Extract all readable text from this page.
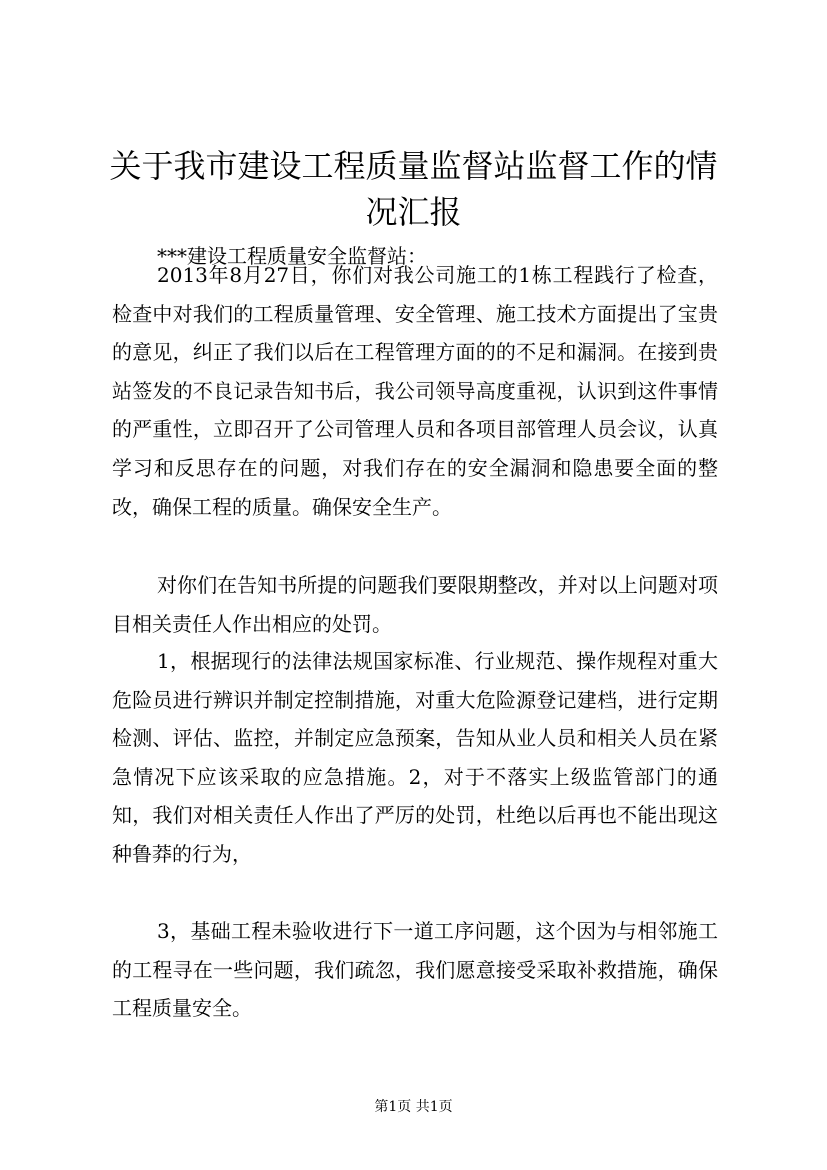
关于我市建设工程质量监督站监督工作的情况汇报

***建设工程质量安全监督站：

2013年8月27日，你们对我公司施工的1栋工程践行了检查，检查中对我们的工程质量管理、安全管理、施工技术方面提出了宝贵的意见，纠正了我们以后在工程管理方面的的不足和漏洞。在接到贵站签发的不良记录告知书后，我公司领导高度重视，认识到这件事情的严重性，立即召开了公司管理人员和各项目部管理人员会议，认真学习和反思存在的问题，对我们存在的安全漏洞和隐患要全面的整改，确保工程的质量。确保安全生产。

对你们在告知书所提的问题我们要限期整改，并对以上问题对项目相关责任人作出相应的处罚。

1，根据现行的法律法规国家标准、行业规范、操作规程对重大危险员进行辨识并制定控制措施，对重大危险源登记建档，进行定期检测、评估、监控，并制定应急预案，告知从业人员和相关人员在紧急情况下应该采取的应急措施。2，对于不落实上级监管部门的通知，我们对相关责任人作出了严厉的处罚，杜绝以后再也不能出现这种鲁莽的行为，

3，基础工程未验收进行下一道工序问题，这个因为与相邻施工的工程寻在一些问题，我们疏忽，我们愿意接受采取补救措施，确保工程质量安全。

第1页 共1页
